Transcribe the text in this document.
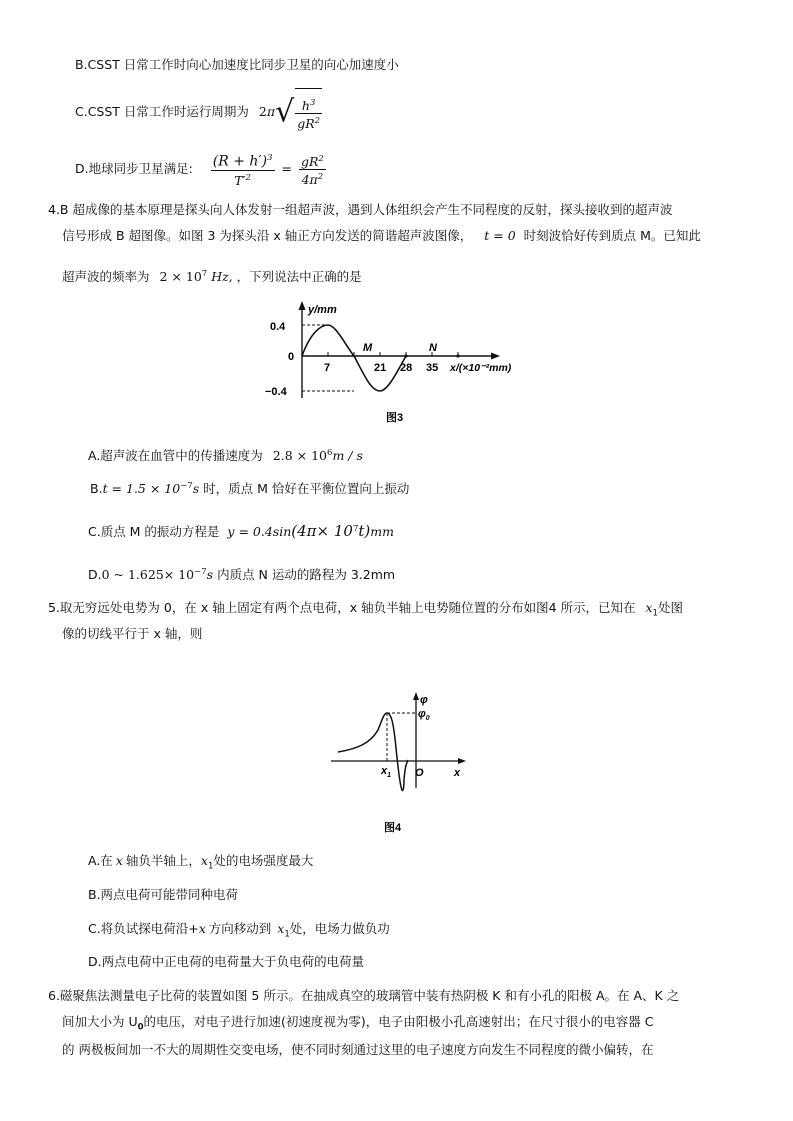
B.CSST 日常工作时向心加速度比同步卫星的向心加速度小
C.CSST 日常工作时运行周期为 $2\pi√ \frac{h^3}{gR^2}$
D.地球同步卫星满足: $\frac{(R + h')^3}{T'^2} = \frac{gR^2}{4\pi^2}$
4.B 超成像的基本原理是探头向人体发射一组超声波，遇到人体组织会产生不同程度的反射，探头接收到的超声波
信号形成 B 超图像。如图 3 为探头沿 x 轴正方向发送的简谐超声波图像， t = 0 时刻波恰好传到质点 M。已知此
超声波的频率为 $2 \times 10^7$ Hz, ，下列说法中正确的是
y/mm
0.4
0
−0.4
7	21 28 35 x/(×10⁻²mm)
M	N
图3
A.超声波在血管中的传播速度为 $2.8 \times 10^6m / s$
$B.t = 1.5 \times 10^{-7}s$ 时，质点 M 恰好在平衡位置向上振动
C.质点 M 的振动方程是 $y = 0.4\sin(4\pi\times 10^7t)mm$
D.0 ~ $1.625\times 10^{-7}s$ 内质点 N 运动的路程为 3.2mm
5.取无穷远处电势为 0，在 x 轴上固定有两个点电荷，x 轴负半轴上电势随位置的分布如图4 所示，已知在 $x_1$处图
像的切线平行于 x 轴，则
φ
$\varphi_0$
$x_1$ O	x
图4
A.在 x 轴负半轴上，$x_1$处的电场强度最大
B.两点电荷可能带同种电荷
C.将负试探电荷沿+x 方向移动到 $x_1$处，电场力做负功
D.两点电荷中正电荷的电荷量大于负电荷的电荷量
6.磁聚焦法测量电子比荷的装置如图 5 所示。在抽成真空的玻璃管中装有热阴极 K 和有小孔的阳极 A。在 A、K 之
间加大小为 $U_0$的电压，对电子进行加速(初速度视为零)，电子由阳极小孔高速射出；在尺寸很小的电容器 C
的 两极板间加一不大的周期性交变电场，使不同时刻通过这里的电子速度方向发生不同程度的微小偏转，在
